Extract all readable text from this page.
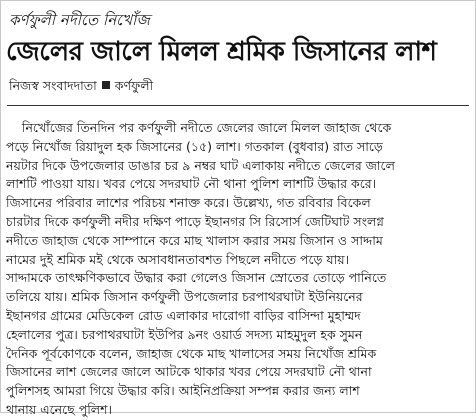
কর্ণফুলী নদীতে নিখোঁজ
জেলের জালে মিলল শ্রমিক জিসানের লাশ
নিজস্ব সংবাদদাতা কর্ণফুলী
নিখোঁজের তিনদিন পর কর্ণফুলী নদীতে জেলের জালে মিলল জাহাজ থেকে
পড়ে নিখোঁজ রিয়াদুল হক জিসানের (১৫) লাশ। গতকাল (বুধবার) রাত সাড়ে
নয়টার দিকে উপজেলার ডাঙার চর ৯ নম্বর ঘাট এলাকায় নদীতে জেলের জালে
লাশটি পাওয়া যায়। খবর পেয়ে সদরঘাট নৌ থানা পুলিশ লাশটি উদ্ধার করে।
জিসানের পরিবার লাশের পরিচয় শনাক্ত করে। উল্লেখ্য, গত রবিবার বিকেল
চারটার দিকে কর্ণফুলী নদীর দক্ষিণ পাড়ে ইছানগর সি রিসোর্স জেটিঘাট সংলগ্ন
নদীতে জাহাজ থেকে সাম্পানে করে মাছ খালাস করার সময় জিসান ও সাদ্দাম
নামের দুই শ্রমিক মই থেকে অসাবধানতাবশত পিছলে নদীতে পড়ে যায়।
সাদ্দামকে তাৎক্ষণিকভাবে উদ্ধার করা গেলেও জিসান স্রোতের তোড়ে পানিতে
তলিয়ে যায়। শ্রমিক জিসান কর্ণফুলী উপজেলার চরপাথরঘাটা ইউনিয়নের
ইছানগর গ্রামের মেডিকেল রোড এলাকার দারোগা বাড়ির বাসিন্দা মুহাম্মদ
হেলালের পুত্র। চরপাথরঘাটা ইউপির ৯নং ওয়ার্ড সদস্য মাহমুদুল হক সুমন
দৈনিক পূর্বকোণকে বলেন, জাহাজ থেকে মাছ খালাসের সময় নিখোঁজ শ্রমিক
জিসানের লাশ জেলের জালে আটকে থাকার খবর পেয়ে সদরঘাট নৌ থানা
পুলিশসহ আমরা গিয়ে উদ্ধার করি। আইনিপ্রক্রিয়া সম্পন্ন করার জন্য লাশ
থানায় এনেছে পুলিশ।
